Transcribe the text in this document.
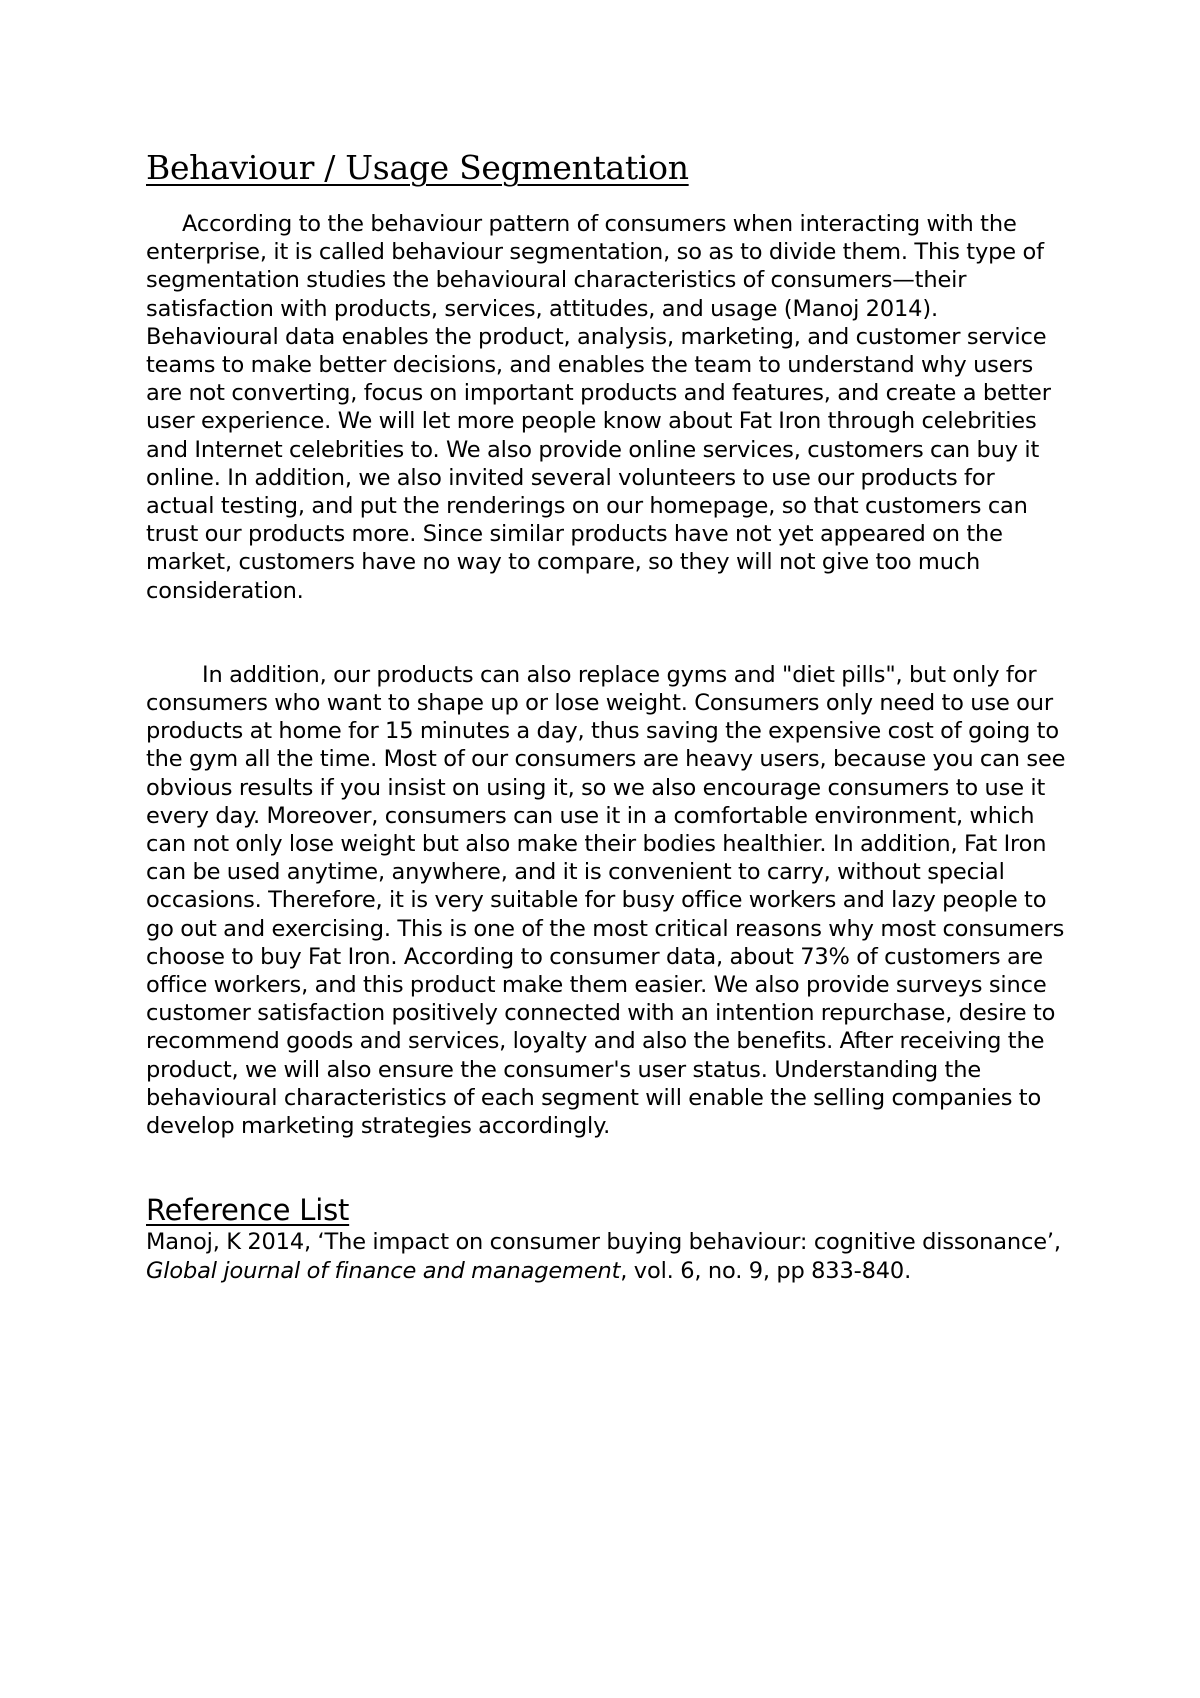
Behaviour / Usage Segmentation

According to the behaviour pattern of consumers when interacting with the enterprise, it is called behaviour segmentation, so as to divide them. This type of segmentation studies the behavioural characteristics of consumers—their satisfaction with products, services, attitudes, and usage (Manoj 2014). Behavioural data enables the product, analysis, marketing, and customer service teams to make better decisions, and enables the team to understand why users are not converting, focus on important products and features, and create a better user experience. We will let more people know about Fat Iron through celebrities and Internet celebrities to. We also provide online services, customers can buy it online. In addition, we also invited several volunteers to use our products for actual testing, and put the renderings on our homepage, so that customers can trust our products more. Since similar products have not yet appeared on the market, customers have no way to compare, so they will not give too much consideration.

In addition, our products can also replace gyms and "diet pills", but only for consumers who want to shape up or lose weight. Consumers only need to use our products at home for 15 minutes a day, thus saving the expensive cost of going to the gym all the time. Most of our consumers are heavy users, because you can see obvious results if you insist on using it, so we also encourage consumers to use it every day. Moreover, consumers can use it in a comfortable environment, which can not only lose weight but also make their bodies healthier. In addition, Fat Iron can be used anytime, anywhere, and it is convenient to carry, without special occasions. Therefore, it is very suitable for busy office workers and lazy people to go out and exercising. This is one of the most critical reasons why most consumers choose to buy Fat Iron. According to consumer data, about 73% of customers are office workers, and this product make them easier. We also provide surveys since customer satisfaction positively connected with an intention repurchase, desire to recommend goods and services, loyalty and also the benefits. After receiving the product, we will also ensure the consumer's user status. Understanding the behavioural characteristics of each segment will enable the selling companies to develop marketing strategies accordingly.

Reference List

Manoj, K 2014, ‘The impact on consumer buying behaviour: cognitive dissonance’, Global journal of finance and management, vol. 6, no. 9, pp 833-840.
